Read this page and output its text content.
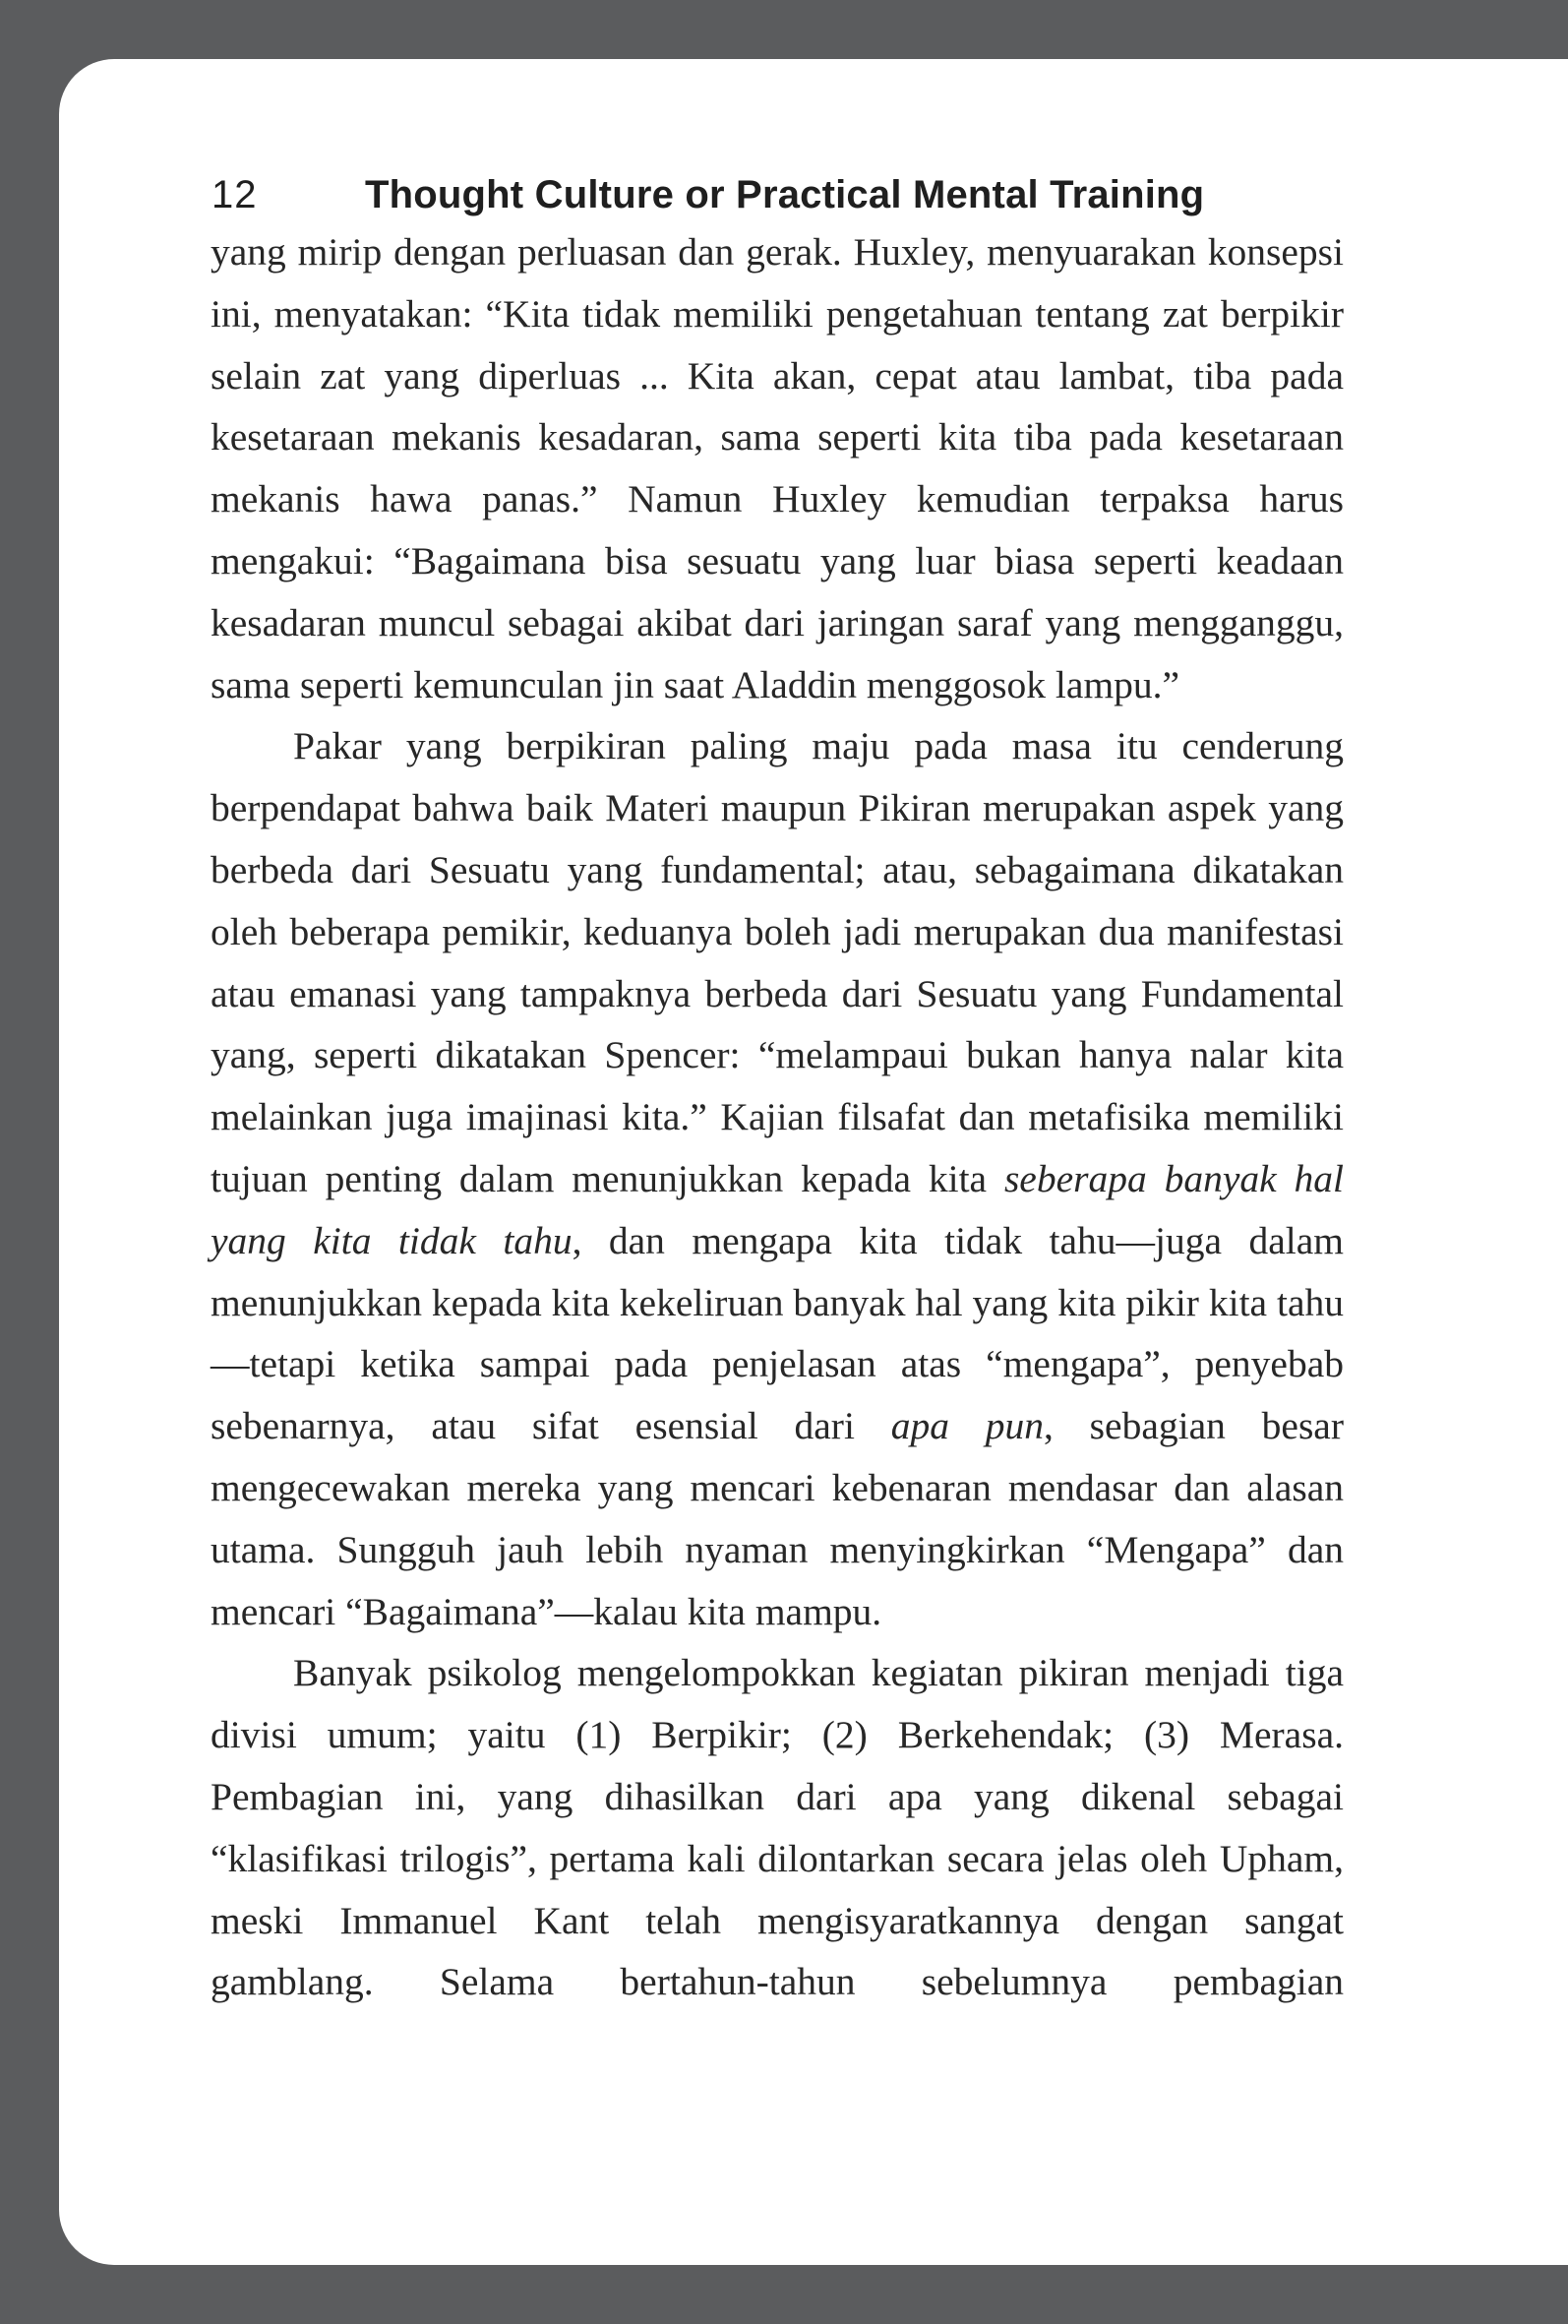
12	Thought Culture or Practical Mental Training

yang mirip dengan perluasan dan gerak. Huxley, menyuarakan konsepsi ini, menyatakan: “Kita tidak memiliki pengetahuan tentang zat berpikir selain zat yang diperluas ... Kita akan, cepat atau lambat, tiba pada kesetaraan mekanis kesadaran, sama seperti kita tiba pada kesetaraan mekanis hawa panas.” Namun Huxley kemudian terpaksa harus mengakui: “Bagaimana bisa sesuatu yang luar biasa seperti keadaan kesadaran muncul sebagai akibat dari jaringan saraf yang mengganggu, sama seperti kemunculan jin saat Aladdin menggosok lampu.”

Pakar yang berpikiran paling maju pada masa itu cenderung berpendapat bahwa baik Materi maupun Pikiran merupakan aspek yang berbeda dari Sesuatu yang fundamental; atau, sebagaimana dikatakan oleh beberapa pemikir, keduanya boleh jadi merupakan dua manifestasi atau emanasi yang tampaknya berbeda dari Sesuatu yang Fundamental yang, seperti dikatakan Spencer: “melampaui bukan hanya nalar kita melainkan juga imajinasi kita.” Kajian filsafat dan metafisika memiliki tujuan penting dalam menunjukkan kepada kita seberapa banyak hal yang kita tidak tahu, dan mengapa kita tidak tahu—juga dalam menunjukkan kepada kita kekeliruan banyak hal yang kita pikir kita tahu—tetapi ketika sampai pada penjelasan atas “mengapa”, penyebab sebenarnya, atau sifat esensial dari apa pun, sebagian besar mengecewakan mereka yang mencari kebenaran mendasar dan alasan utama. Sungguh jauh lebih nyaman menyingkirkan “Mengapa” dan mencari “Bagaimana”—kalau kita mampu.

Banyak psikolog mengelompokkan kegiatan pikiran menjadi tiga divisi umum; yaitu (1) Berpikir; (2) Berkehendak; (3) Merasa. Pembagian ini, yang dihasilkan dari apa yang dikenal sebagai “klasifikasi trilogis”, pertama kali dilontarkan secara jelas oleh Upham, meski Immanuel Kant telah mengisyaratkannya dengan sangat gamblang. Selama bertahun-tahun sebelumnya pembagian
